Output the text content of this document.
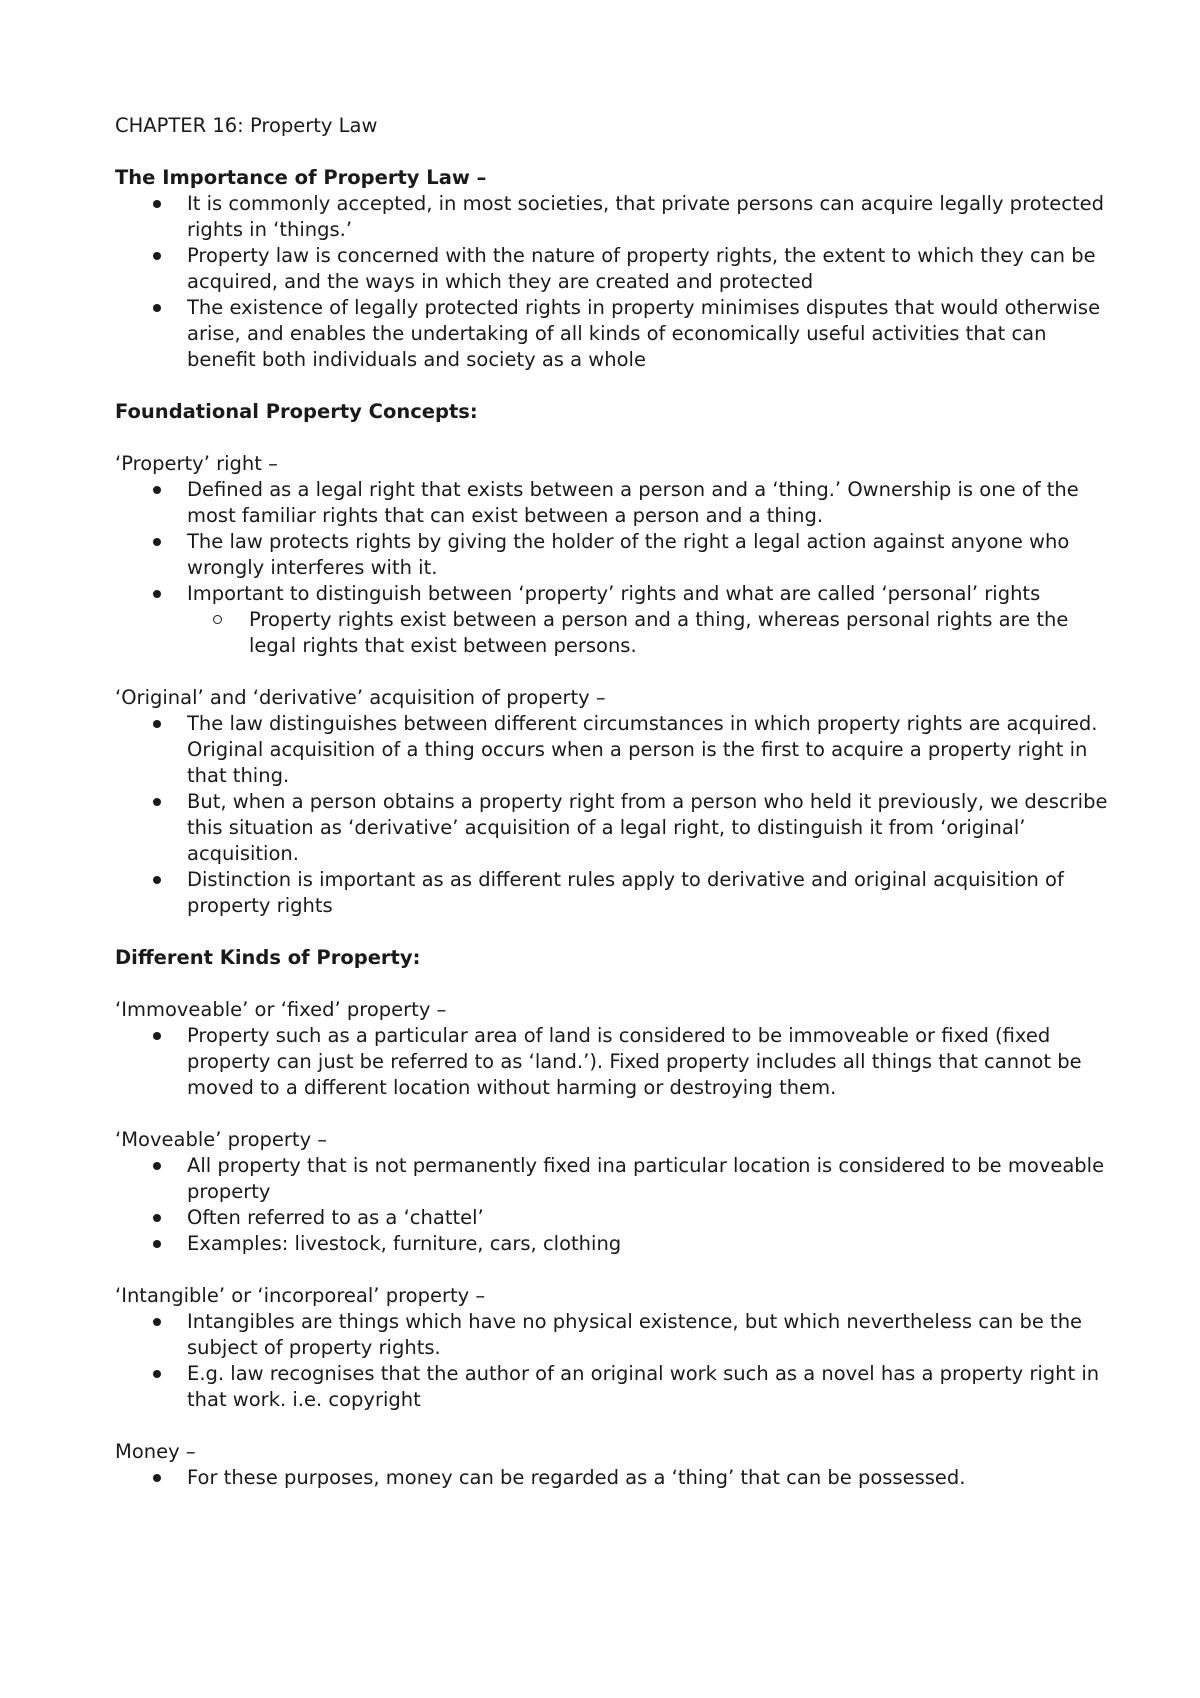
CHAPTER 16: Property Law

The Importance of Property Law –

It is commonly accepted, in most societies, that private persons can acquire legally protected rights in ‘things.’
Property law is concerned with the nature of property rights, the extent to which they can be acquired, and the ways in which they are created and protected
The existence of legally protected rights in property minimises disputes that would otherwise arise, and enables the undertaking of all kinds of economically useful activities that can benefit both individuals and society as a whole

Foundational Property Concepts:

‘Property’ right –

Defined as a legal right that exists between a person and a ‘thing.’ Ownership is one of the most familiar rights that can exist between a person and a thing.
The law protects rights by giving the holder of the right a legal action against anyone who wrongly interferes with it.
Important to distinguish between ‘property’ rights and what are called ‘personal’ rights
Property rights exist between a person and a thing, whereas personal rights are the legal rights that exist between persons.

‘Original’ and ‘derivative’ acquisition of property –

The law distinguishes between different circumstances in which property rights are acquired. Original acquisition of a thing occurs when a person is the first to acquire a property right in that thing.
But, when a person obtains a property right from a person who held it previously, we describe this situation as ‘derivative’ acquisition of a legal right, to distinguish it from ‘original’ acquisition.
Distinction is important as as different rules apply to derivative and original acquisition of property rights

Different Kinds of Property:

‘Immoveable’ or ‘fixed’ property –

Property such as a particular area of land is considered to be immoveable or fixed (fixed property can just be referred to as ‘land.’). Fixed property includes all things that cannot be moved to a different location without harming or destroying them.

‘Moveable’ property –

All property that is not permanently fixed ina particular location is considered to be moveable property
Often referred to as a ‘chattel’
Examples: livestock, furniture, cars, clothing

‘Intangible’ or ‘incorporeal’ property –

Intangibles are things which have no physical existence, but which nevertheless can be the subject of property rights.
E.g. law recognises that the author of an original work such as a novel has a property right in that work. i.e. copyright

Money –

For these purposes, money can be regarded as a ‘thing’ that can be possessed.
